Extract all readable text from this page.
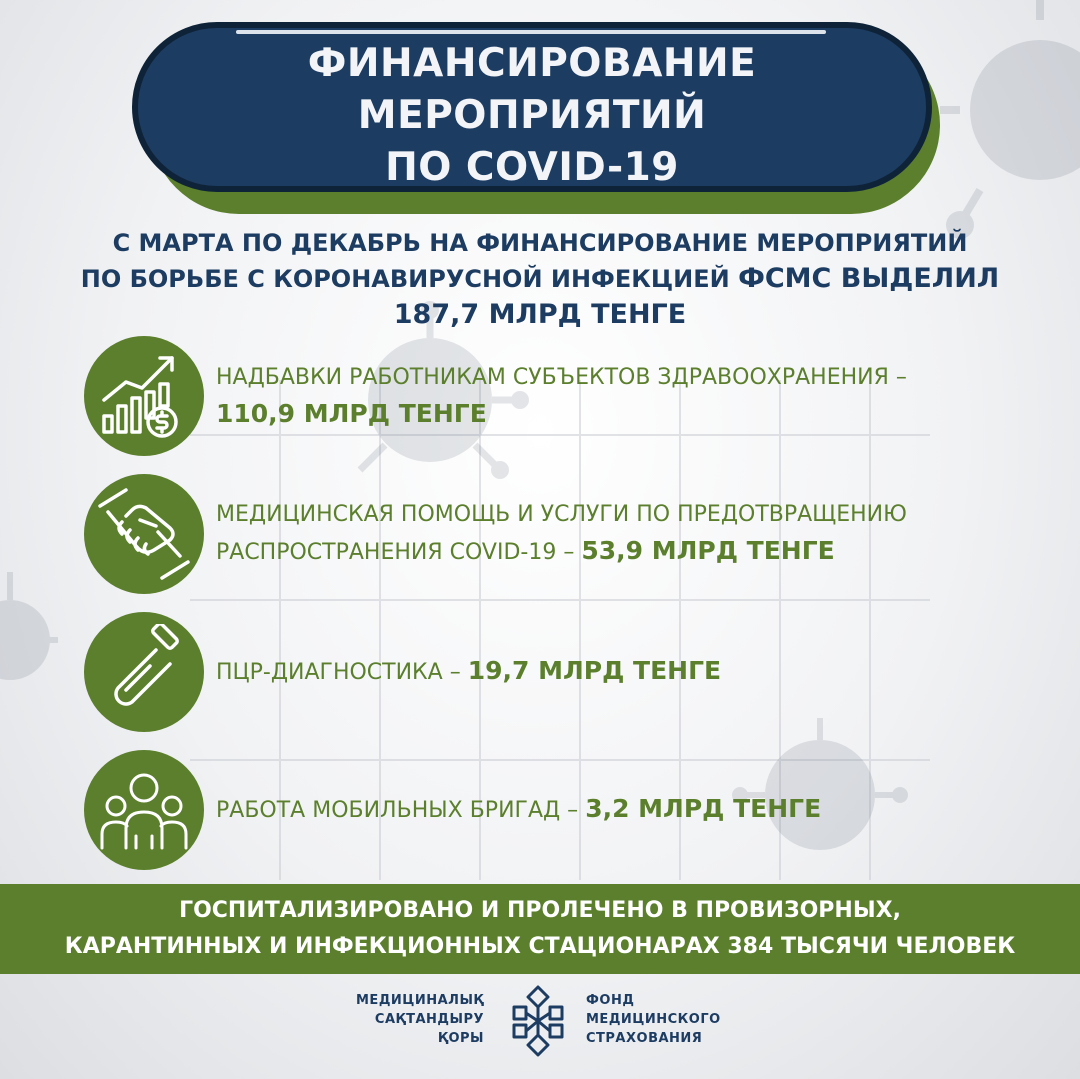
ФИНАНСИРОВАНИЕ МЕРОПРИЯТИЙ
ПО COVID-19
С МАРТА ПО ДЕКАБРЬ НА ФИНАНСИРОВАНИЕ МЕРОПРИЯТИЙ
ПО БОРЬБЕ С КОРОНАВИРУСНОЙ ИНФЕКЦИЕЙ ФСМС ВЫДЕЛИЛ
187,7 МЛРД ТЕНГЕ
НАДБАВКИ РАБОТНИКАМ СУБЪЕКТОВ ЗДРАВООХРАНЕНИЯ –
110,9 МЛРД ТЕНГЕ
МЕДИЦИНСКАЯ ПОМОЩЬ И УСЛУГИ ПО ПРЕДОТВРАЩЕНИЮ
РАСПРОСТРАНЕНИЯ COVID-19 – 53,9 МЛРД ТЕНГЕ
ПЦР-ДИАГНОСТИКА – 19,7 МЛРД ТЕНГЕ
РАБОТА МОБИЛЬНЫХ БРИГАД – 3,2 МЛРД ТЕНГЕ
ГОСПИТАЛИЗИРОВАНО И ПРОЛЕЧЕНО В ПРОВИЗОРНЫХ,
КАРАНТИННЫХ И ИНФЕКЦИОННЫХ СТАЦИОНАРАХ 384 ТЫСЯЧИ ЧЕЛОВЕК
МЕДИЦИНАЛЫҚ
САҚТАНДЫРУ
ҚОРЫ
ФОНД
МЕДИЦИНСКОГО
СТРАХОВАНИЯ
